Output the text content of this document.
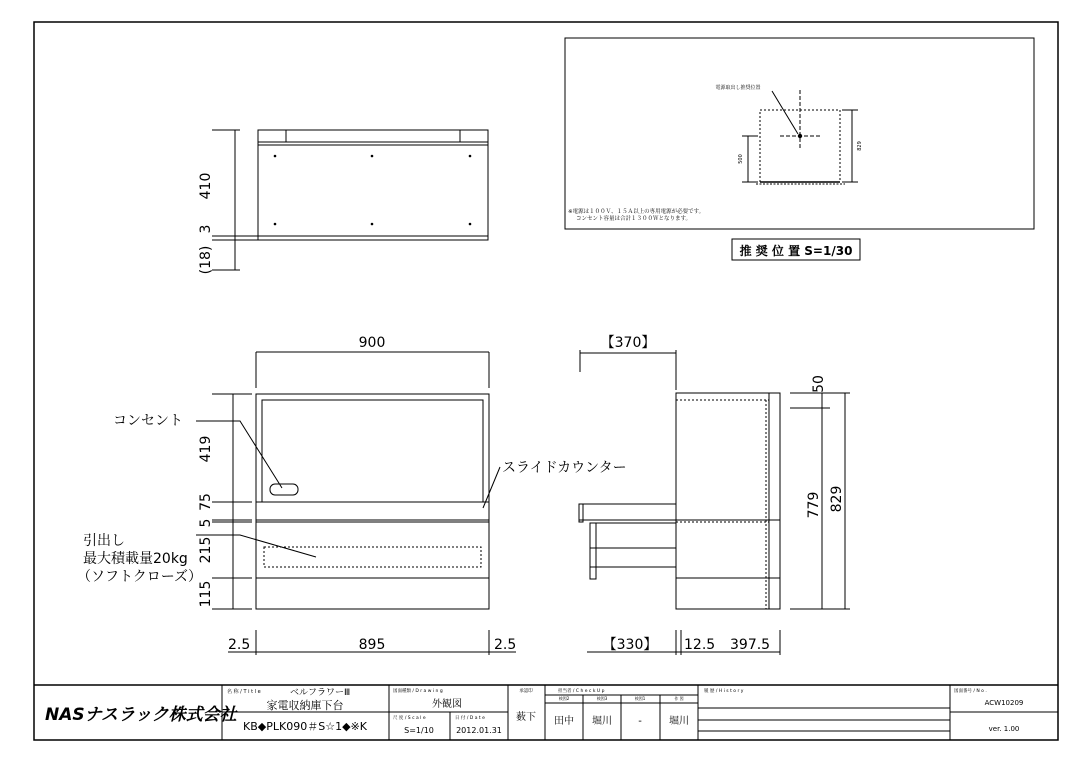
410
3
(18)
電源取出し推奨位置
500
829
※電源は１００Ｖ、１５Ａ以上の専用電源が必要です。
コンセント容量は合計１３００Ｗとなります。
推 奨 位 置 S=1/30
900
419
75
5
215
115
2.5	895	2.5
コンセント
スライドカウンター
引出し
最大積載量20kg
（ソフトクローズ）
【370】
50
779 829
【330】 12.5 397.5
NASナスラック株式会社
名 称 / T i t l e	ベルフラワーⅢ
家電収納庫下台
KB◆PLK090＃S☆1◆※K
図面種類 / D r a w i n g
外観図
尺 度 / S c a l e
S=1/10
日 付 / D a t e
2012.01.31
承認印
薮下
担当者 / C h e c k U p
検図2	検図3	検図1	作 図
田中 堀川	-	堀川
履 歴 / H i s t o r y	図面番号 / N o .
ACW10209
ver. 1.00
